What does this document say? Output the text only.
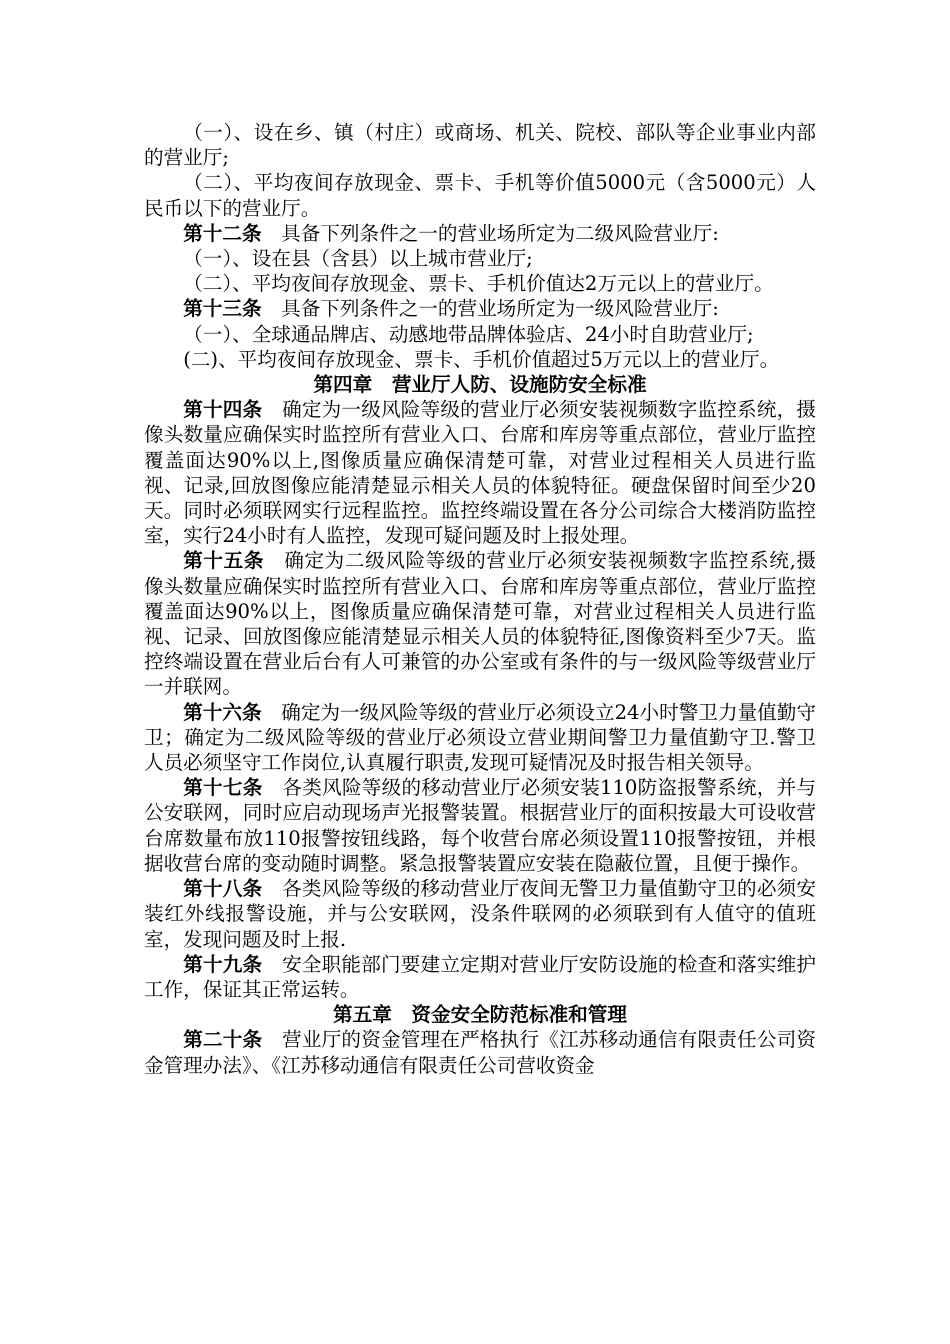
（一）、设在乡、镇（村庄）或商场、机关、院校、部队等企业事业内部的营业厅;

（二）、平均夜间存放现金、票卡、手机等价值5000元（含5000元）人民币以下的营业厅。

第十二条　具备下列条件之一的营业场所定为二级风险营业厅:

（一）、设在县（含县）以上城市营业厅;

（二）、平均夜间存放现金、票卡、手机价值达2万元以上的营业厅。

第十三条　具备下列条件之一的营业场所定为一级风险营业厅:

（一）、全球通品牌店、动感地带品牌体验店、24小时自助营业厅;

(二)、平均夜间存放现金、票卡、手机价值超过5万元以上的营业厅。

第四章　营业厅人防、设施防安全标准

第十四条　确定为一级风险等级的营业厅必须安装视频数字监控系统，摄像头数量应确保实时监控所有营业入口、台席和库房等重点部位，营业厅监控覆盖面达90%以上,图像质量应确保清楚可靠，对营业过程相关人员进行监视、记录,回放图像应能清楚显示相关人员的体貌特征。硬盘保留时间至少20天。同时必须联网实行远程监控。监控终端设置在各分公司综合大楼消防监控室，实行24小时有人监控，发现可疑问题及时上报处理。

第十五条　确定为二级风险等级的营业厅必须安装视频数字监控系统,摄像头数量应确保实时监控所有营业入口、台席和库房等重点部位，营业厅监控覆盖面达90%以上，图像质量应确保清楚可靠，对营业过程相关人员进行监视、记录、回放图像应能清楚显示相关人员的体貌特征,图像资料至少7天。监控终端设置在营业后台有人可兼管的办公室或有条件的与一级风险等级营业厅一并联网。

第十六条　确定为一级风险等级的营业厅必须设立24小时警卫力量值勤守卫；确定为二级风险等级的营业厅必须设立营业期间警卫力量值勤守卫.警卫人员必须坚守工作岗位,认真履行职责,发现可疑情况及时报告相关领导。

第十七条　各类风险等级的移动营业厅必须安装110防盗报警系统，并与公安联网，同时应启动现场声光报警装置。根据营业厅的面积按最大可设收营台席数量布放110报警按钮线路，每个收营台席必须设置110报警按钮，并根据收营台席的变动随时调整。紧急报警装置应安装在隐蔽位置，且便于操作。

第十八条　各类风险等级的移动营业厅夜间无警卫力量值勤守卫的必须安装红外线报警设施，并与公安联网，没条件联网的必须联到有人值守的值班室，发现问题及时上报.

第十九条　安全职能部门要建立定期对营业厅安防设施的检查和落实维护工作，保证其正常运转。

第五章　资金安全防范标准和管理

第二十条　营业厅的资金管理在严格执行《江苏移动通信有限责任公司资金管理办法》、《江苏移动通信有限责任公司营收资金
